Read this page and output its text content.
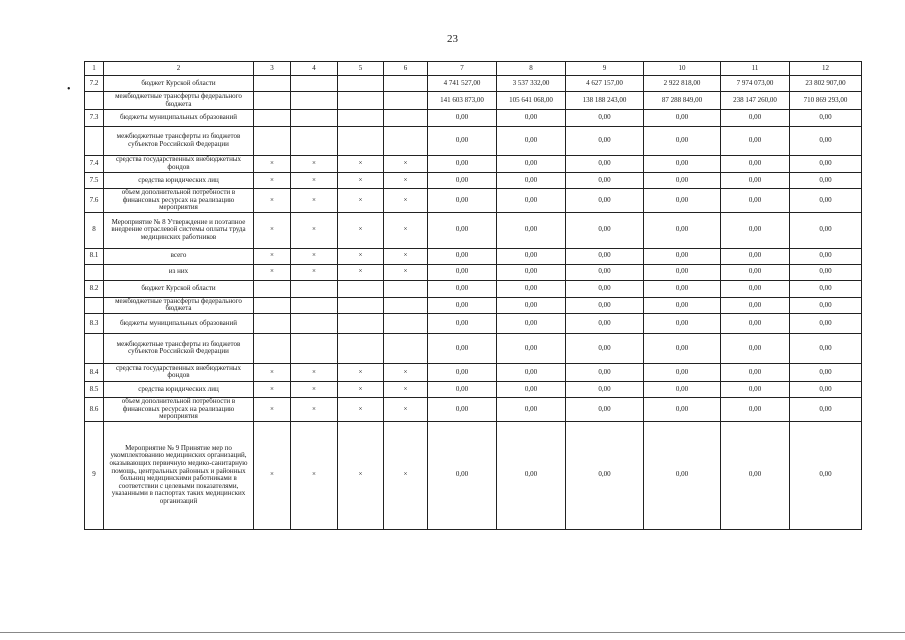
23
•
1	2	3	4	5	6	7	8	9	10	11	12
7.2	бюджет Курской области					4 741 527,00	3 537 332,00	4 627 157,00	2 922 818,00	7 974 073,00	23 802 907,00
	межбюджетные трансферты федерального бюджета					141 603 873,00	105 641 068,00	138 188 243,00	87 288 849,00	238 147 260,00	710 869 293,00
7.3	бюджеты муниципальных образований					0,00	0,00	0,00	0,00	0,00	0,00
	межбюджетные трансферты из бюджетов субъектов Российской Федерации					0,00	0,00	0,00	0,00	0,00	0,00
7.4	средства государственных внебюджетных фондов	×	×	×	×	0,00	0,00	0,00	0,00	0,00	0,00
7.5	средства юридических лиц	×	×	×	×	0,00	0,00	0,00	0,00	0,00	0,00
7.6	объем дополнительной потребности в финансовых ресурсах на реализацию мероприятия	×	×	×	×	0,00	0,00	0,00	0,00	0,00	0,00
8	Мероприятие № 8 Утверждение и поэтапное внедрение отраслевой системы оплаты труда медицинских работников	×	×	×	×	0,00	0,00	0,00	0,00	0,00	0,00
8.1	всего	×	×	×	×	0,00	0,00	0,00	0,00	0,00	0,00
	из них	×	×	×	×	0,00	0,00	0,00	0,00	0,00	0,00
8.2	бюджет Курской области					0,00	0,00	0,00	0,00	0,00	0,00
	межбюджетные трансферты федерального бюджета					0,00	0,00	0,00	0,00	0,00	0,00
8.3	бюджеты муниципальных образований					0,00	0,00	0,00	0,00	0,00	0,00
	межбюджетные трансферты из бюджетов субъектов Российской Федерации					0,00	0,00	0,00	0,00	0,00	0,00
8.4	средства государственных внебюджетных фондов	×	×	×	×	0,00	0,00	0,00	0,00	0,00	0,00
8.5	средства юридических лиц	×	×	×	×	0,00	0,00	0,00	0,00	0,00	0,00
8.6	объем дополнительной потребности в финансовых ресурсах на реализацию мероприятия	×	×	×	×	0,00	0,00	0,00	0,00	0,00	0,00
9	Мероприятие № 9 Принятие мер по укомплектованию медицинских организаций, оказывающих первичную медико-санитарную помощь, центральных районных и районных больниц медицинскими работниками в соответствии с целевыми показателями, указанными в паспортах таких медицинских организаций	×	×	×	×	0,00	0,00	0,00	0,00	0,00	0,00
